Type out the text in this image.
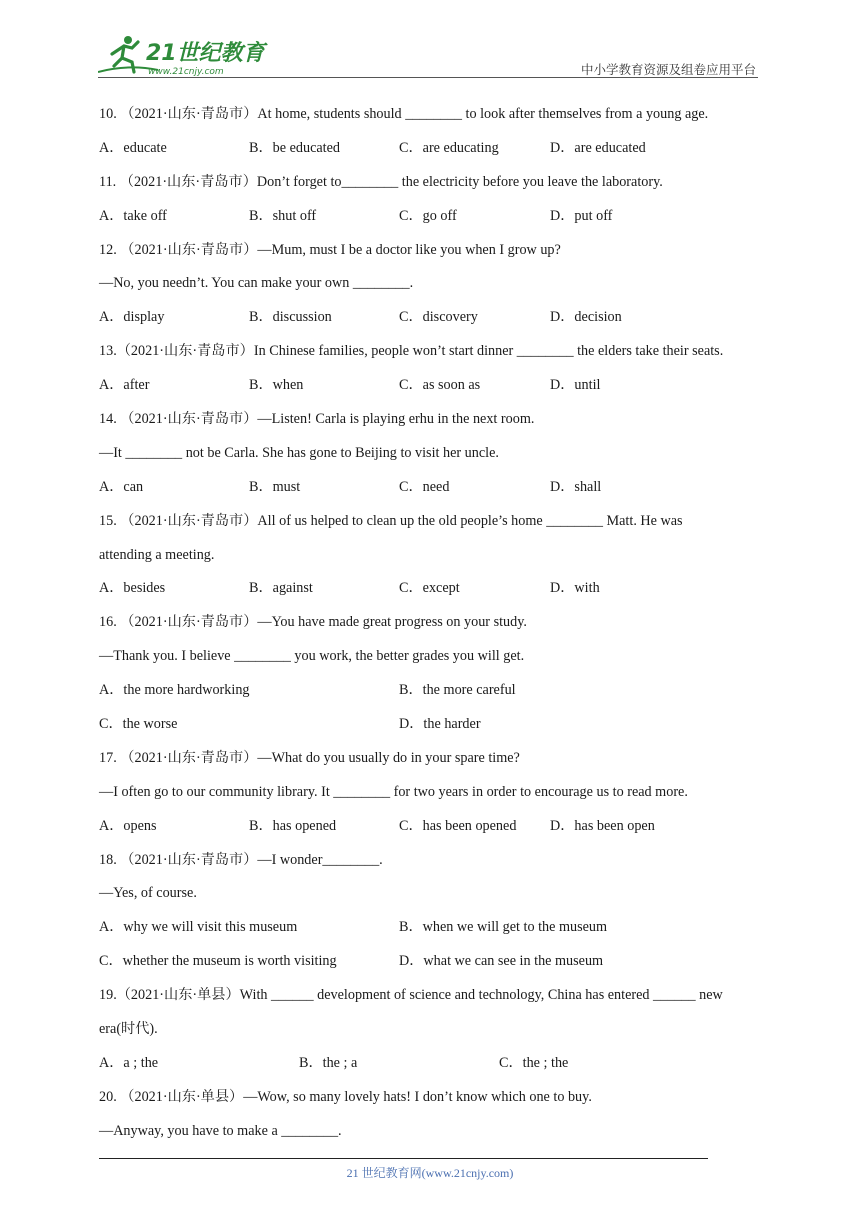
21世纪教育
www.21cnjy.com	中小学教育资源及组卷应用平台
10. （2021·山东·青岛市）At home, students should ________ to look after themselves from a young age.
A．educate	B．be educated	C．are educating	D．are educated
11. （2021·山东·青岛市）Don’t forget to________ the electricity before you leave the laboratory.
A．take off	B．shut off	C．go off	D．put off
12. （2021·山东·青岛市）—Mum, must I be a doctor like you when I grow up?
—No, you needn’t. You can make your own ________.
A．display	B．discussion	C．discovery	D．decision
13.（2021·山东·青岛市）In Chinese families, people won’t start dinner ________ the elders take their seats.
A．after	B．when	C．as soon as	D．until
14. （2021·山东·青岛市）—Listen! Carla is playing erhu in the next room.
—It ________ not be Carla. She has gone to Beijing to visit her uncle.
A．can	B．must	C．need	D．shall
15. （2021·山东·青岛市）All of us helped to clean up the old people’s home ________ Matt. He was
attending a meeting.
A．besides	B．against	C．except	D．with
16. （2021·山东·青岛市）—You have made great progress on your study.
—Thank you. I believe ________ you work, the better grades you will get.
A．the more hardworking	B．the more careful
C．the worse	D．the harder
17. （2021·山东·青岛市）—What do you usually do in your spare time?
—I often go to our community library. It ________ for two years in order to encourage us to read more.
A．opens	B．has opened	C．has been opened D．has been open
18. （2021·山东·青岛市）—I wonder________.
—Yes, of course.
A．why we will visit this museum	B．when we will get to the museum
C．whether the museum is worth visiting	D．what we can see in the museum
19.（2021·山东·单县）With ______ development of science and technology, China has entered ______ new
era(时代).
A．a ; the	B．the ; a	C．the ; the
20. （2021·山东·单县）—Wow, so many lovely hats! I don’t know which one to buy.
—Anyway, you have to make a ________.
21 世纪教育网(www.21cnjy.com)
